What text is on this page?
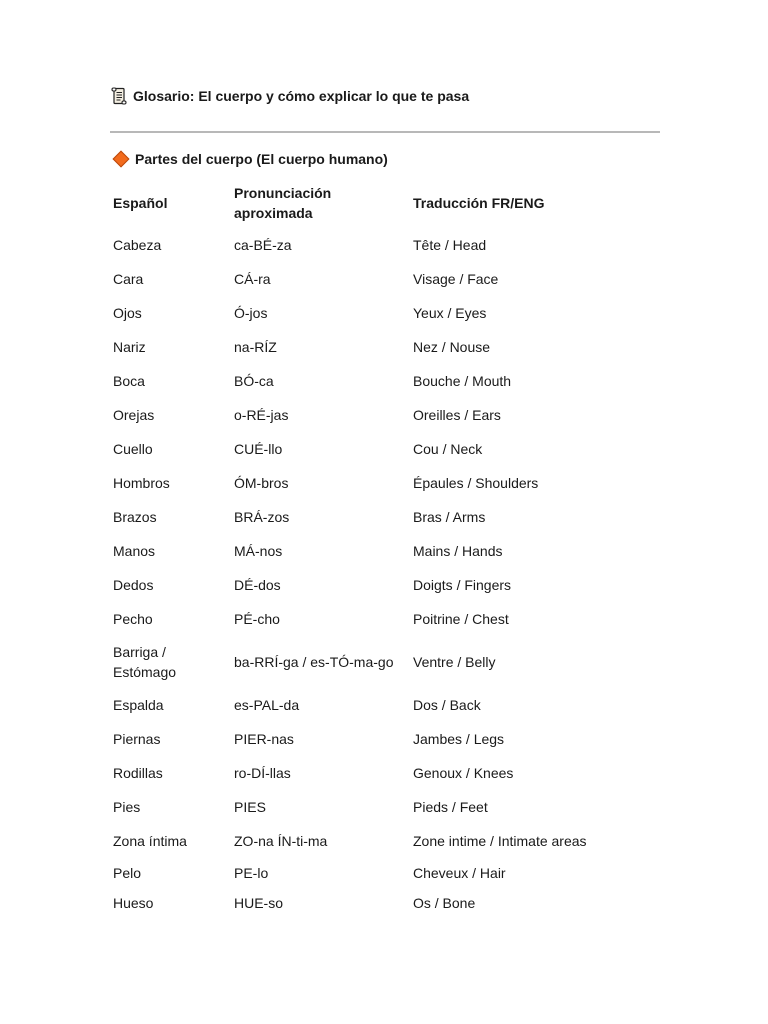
Glosario: El cuerpo y cómo explicar lo que te pasa
Partes del cuerpo (El cuerpo humano)
Español	Pronunciación aproximada	Traducción FR/ENG
Cabeza	ca-BÉ-za	Tête / Head
Cara	CÁ-ra	Visage / Face
Ojos	Ó-jos	Yeux / Eyes
Nariz	na-RÍZ	Nez / Nouse
Boca	BÓ-ca	Bouche / Mouth
Orejas	o-RÉ-jas	Oreilles / Ears
Cuello	CUÉ-llo	Cou / Neck
Hombros	ÓM-bros	Épaules / Shoulders
Brazos	BRÁ-zos	Bras / Arms
Manos	MÁ-nos	Mains / Hands
Dedos	DÉ-dos	Doigts / Fingers
Pecho	PÉ-cho	Poitrine / Chest
Barriga / Estómago	ba-RRÍ-ga / es-TÓ-ma-go	Ventre / Belly
Espalda	es-PAL-da	Dos / Back
Piernas	PIER-nas	Jambes / Legs
Rodillas	ro-DÍ-llas	Genoux / Knees
Pies	PIES	Pieds / Feet
Zona íntima	ZO-na ÍN-ti-ma	Zone intime / Intimate areas
Pelo	PE-lo	Cheveux / Hair
Hueso	HUE-so	Os / Bone
